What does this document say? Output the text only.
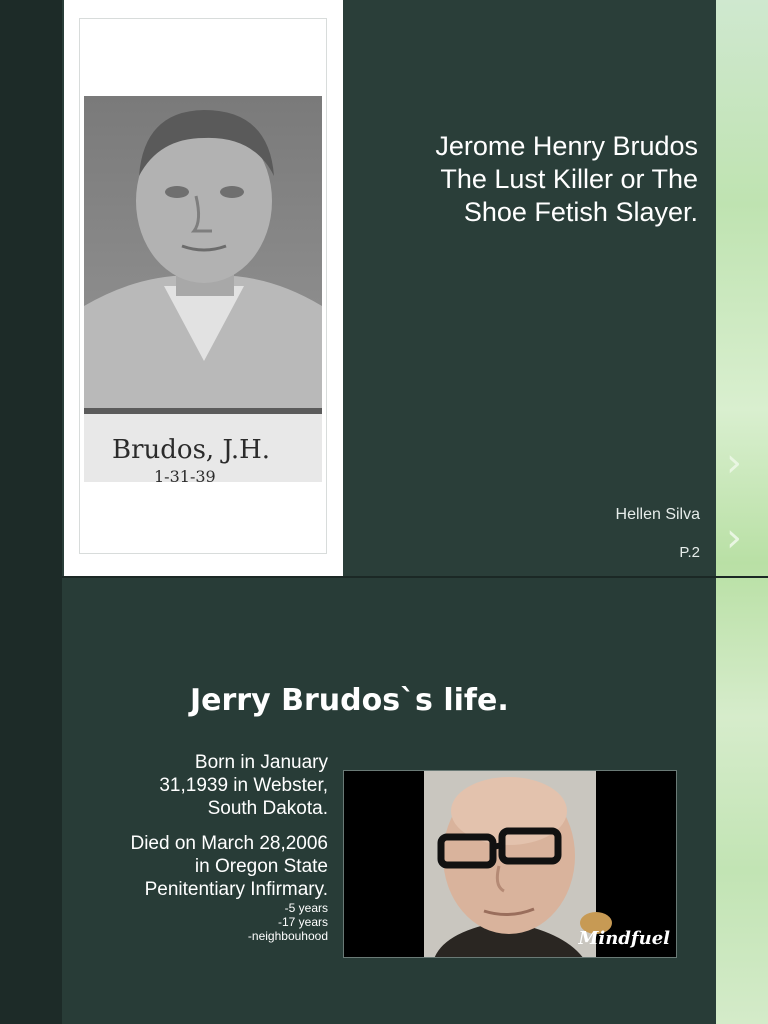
›
›
Brudos, J.H.
1-31-39
Jerome Henry Brudos
The Lust Killer or The
Shoe Fetish Slayer.
Hellen Silva
P.2
Jerry Brudos`s life.

Born in January
31,1939 in Webster,
South Dakota.

Died on March 28,2006
in Oregon State
Penitentiary Infirmary.

-5 years
-17 years
-neighbouhood	Mindfuel
